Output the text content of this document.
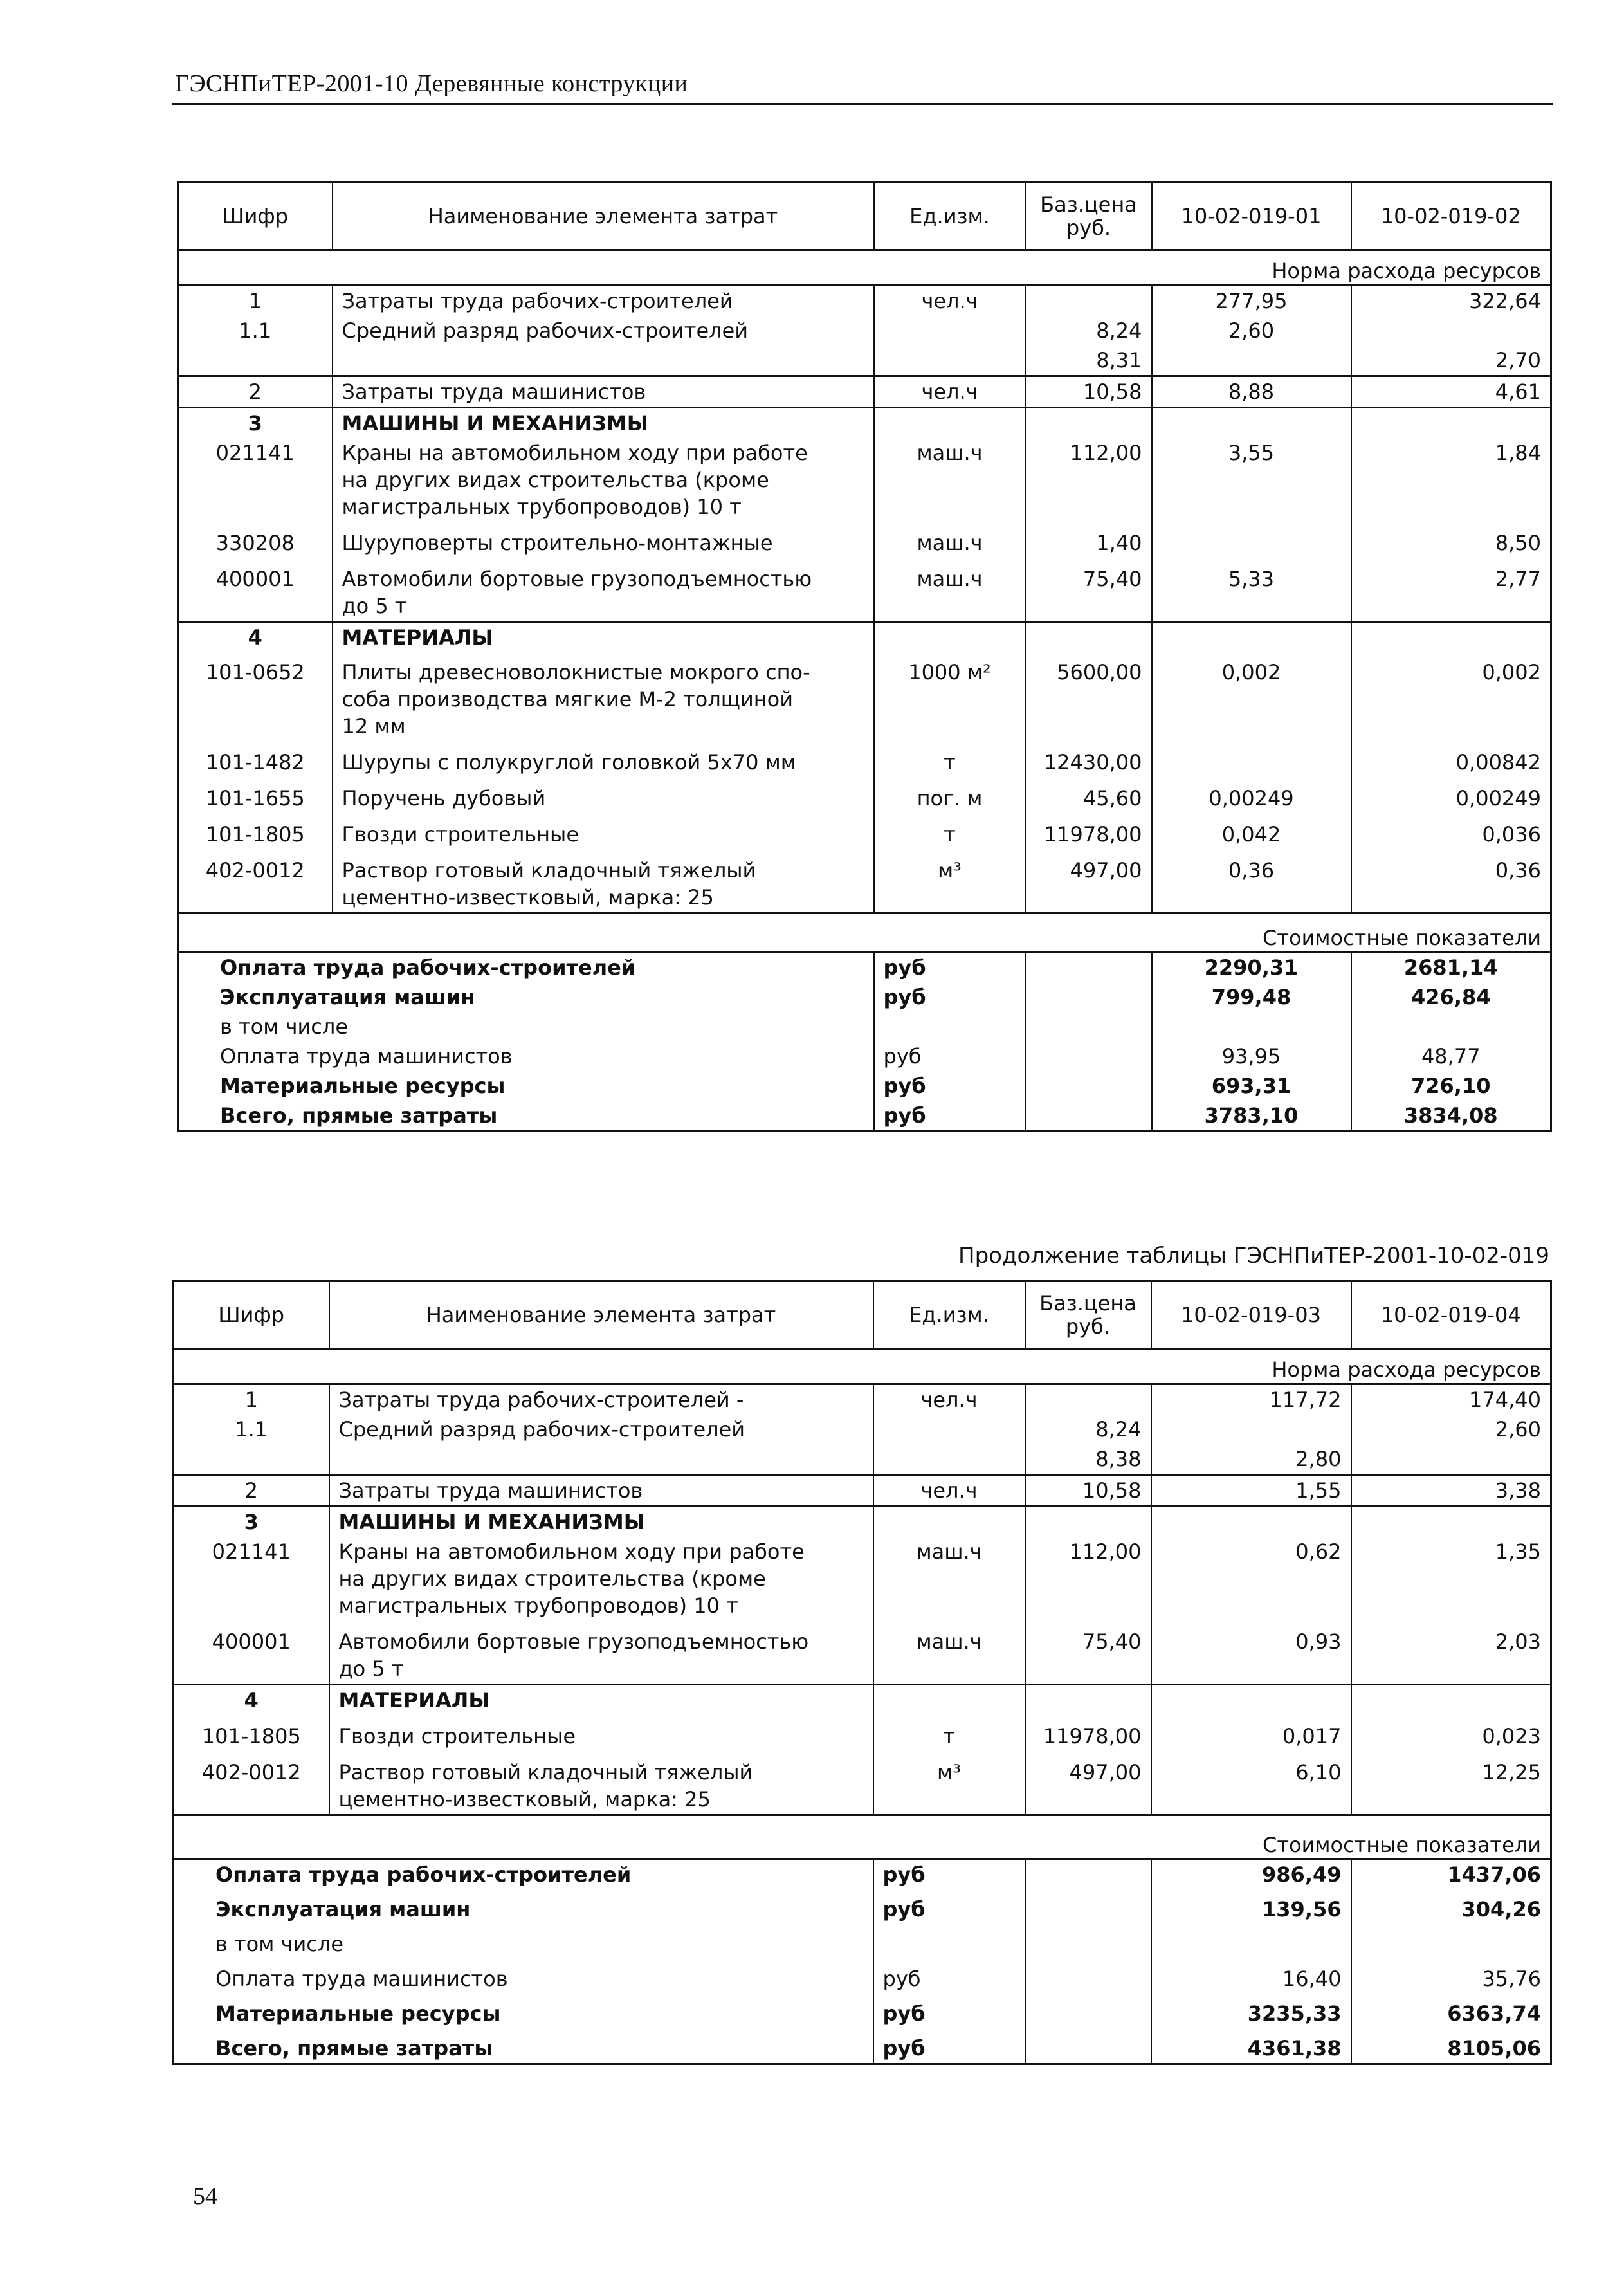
ГЭСНПиТЕР-2001-10 Деревянные конструкции
Шифр	Наименование элемента затрат	Ед.изм.	Баз.цена
руб.	10-02-019-01	10-02-019-02
Норма расхода ресурсов					
1	Затраты труда рабочих-строителей	чел.ч		277,95	322,64
1.1	Средний разряд рабочих-строителей		8,24	2,60	
			8,31		2,70
2	Затраты труда машинистов	чел.ч	10,58	8,88	4,61
3	МАШИНЫ И МЕХАНИЗМЫ				
021141	Краны на автомобильном ходу при работе
на других видах строительства (кроме
магистральных трубопроводов) 10 т	маш.ч	112,00	3,55	1,84
330208	Шуруповерты строительно-монтажные	маш.ч	1,40		8,50
400001	Автомобили бортовые грузоподъемностью
до 5 т	маш.ч	75,40	5,33	2,77
4	МАТЕРИАЛЫ				
101-0652	Плиты древесноволокнистые мокрого спо-
соба производства мягкие М-2 толщиной
12 мм	1000 м²	5600,00	0,002	0,002
101-1482	Шурупы с полукруглой головкой 5х70 мм	т	12430,00		0,00842
101-1655	Поручень дубовый	пог. м	45,60	0,00249	0,00249
101-1805	Гвозди строительные	т	11978,00	0,042	0,036
402-0012	Раствор готовый кладочный тяжелый
цементно-известковый, марка: 25	м³	497,00	0,36	0,36
Стоимостные показатели					
Оплата труда рабочих-строителей		руб		2290,31	2681,14
Эксплуатация машин		руб		799,48	426,84
в том числе					
Оплата труда машинистов		руб		93,95	48,77
Материальные ресурсы		руб		693,31	726,10
Всего, прямые затраты		руб		3783,10	3834,08
Продолжение таблицы ГЭСНПиТЕР-2001-10-02-019
Шифр	Наименование элемента затрат	Ед.изм.	Баз.цена
руб.	10-02-019-03	10-02-019-04
Норма расхода ресурсов					
1	Затраты труда рабочих-строителей -	чел.ч		117,72	174,40
1.1	Средний разряд рабочих-строителей		8,24		2,60
			8,38	2,80	
2	Затраты труда машинистов	чел.ч	10,58	1,55	3,38
3	МАШИНЫ И МЕХАНИЗМЫ				
021141	Краны на автомобильном ходу при работе
на других видах строительства (кроме
магистральных трубопроводов) 10 т	маш.ч	112,00	0,62	1,35
400001	Автомобили бортовые грузоподъемностью
до 5 т	маш.ч	75,40	0,93	2,03
4	МАТЕРИАЛЫ				
101-1805	Гвозди строительные	т	11978,00	0,017	0,023
402-0012	Раствор готовый кладочный тяжелый
цементно-известковый, марка: 25	м³	497,00	6,10	12,25
Стоимостные показатели					
Оплата труда рабочих-строителей		руб		986,49	1437,06
Эксплуатация машин		руб		139,56	304,26
в том числе					
Оплата труда машинистов		руб		16,40	35,76
Материальные ресурсы		руб		3235,33	6363,74
Всего, прямые затраты		руб		4361,38	8105,06
54
